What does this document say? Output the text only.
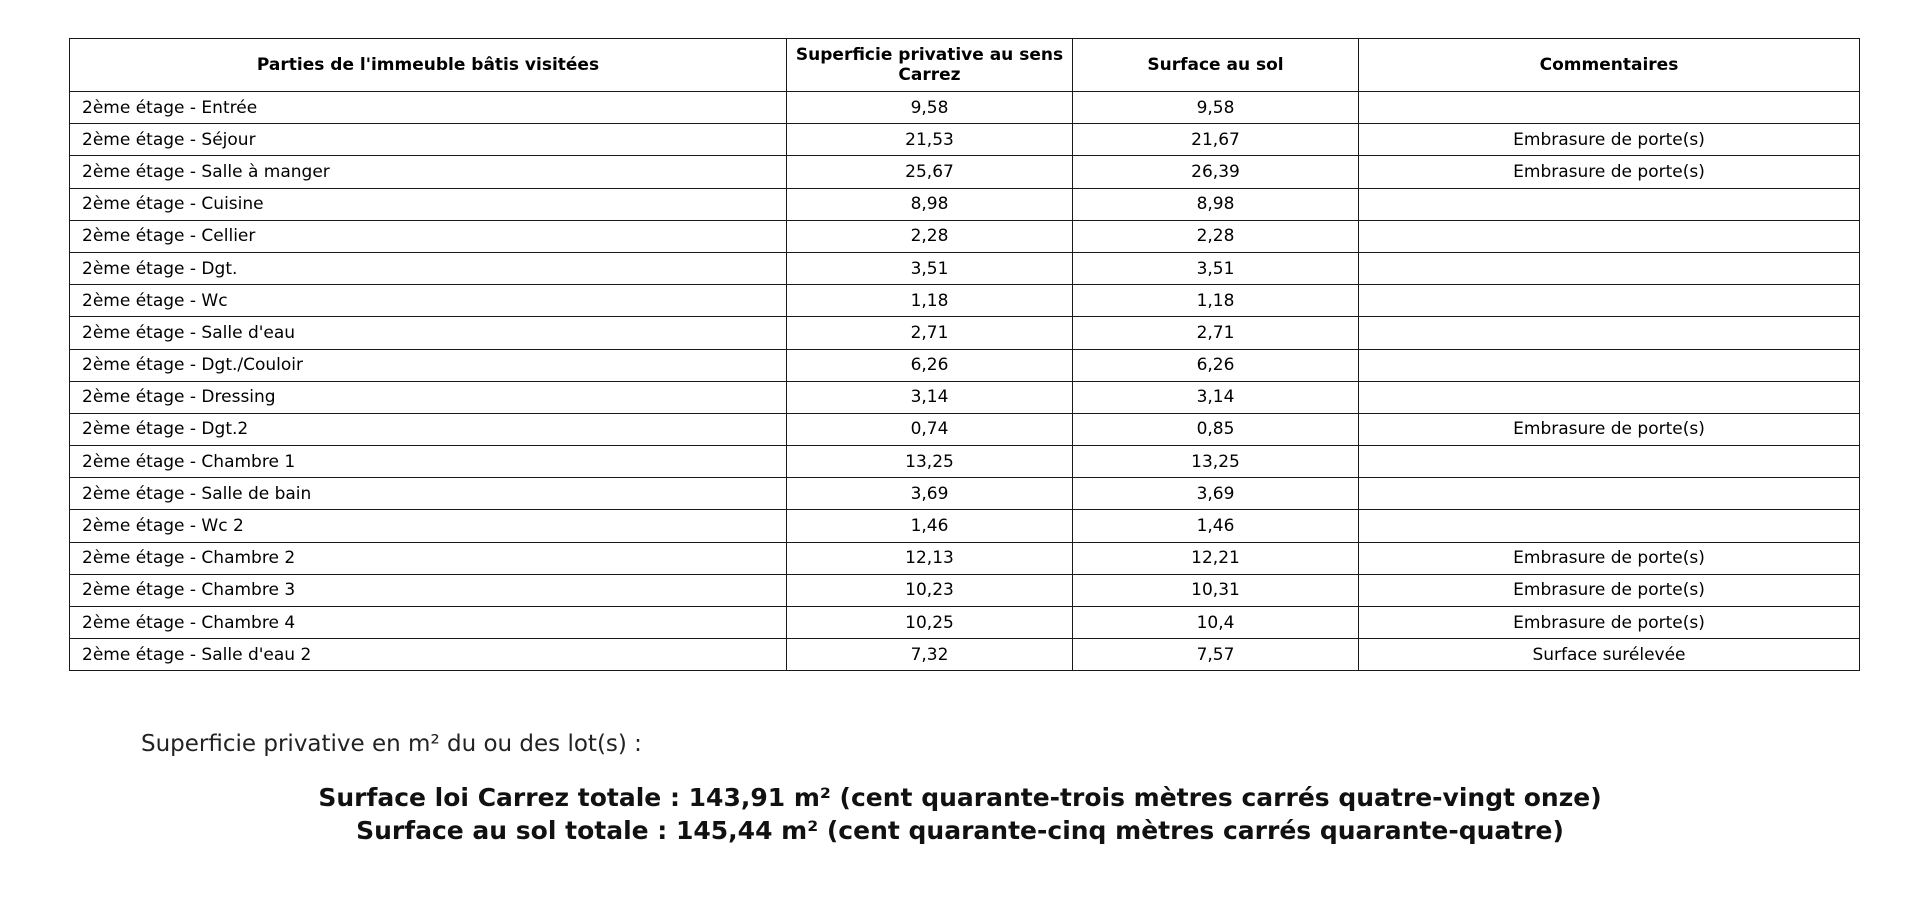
Parties de l'immeuble bâtis visitées	Superficie privative au sens Carrez	Surface au sol	Commentaires
2ème étage - Entrée	9,58	9,58	
2ème étage - Séjour	21,53	21,67	Embrasure de porte(s)
2ème étage - Salle à manger	25,67	26,39	Embrasure de porte(s)
2ème étage - Cuisine	8,98	8,98	
2ème étage - Cellier	2,28	2,28	
2ème étage - Dgt.	3,51	3,51	
2ème étage - Wc	1,18	1,18	
2ème étage - Salle d'eau	2,71	2,71	
2ème étage - Dgt./Couloir	6,26	6,26	
2ème étage - Dressing	3,14	3,14	
2ème étage - Dgt.2	0,74	0,85	Embrasure de porte(s)
2ème étage - Chambre 1	13,25	13,25	
2ème étage - Salle de bain	3,69	3,69	
2ème étage - Wc 2	1,46	1,46	
2ème étage - Chambre 2	12,13	12,21	Embrasure de porte(s)
2ème étage - Chambre 3	10,23	10,31	Embrasure de porte(s)
2ème étage - Chambre 4	10,25	10,4	Embrasure de porte(s)
2ème étage - Salle d'eau 2	7,32	7,57	Surface surélevée
Superficie privative en m² du ou des lot(s) :
Surface loi Carrez totale : 143,91 m² (cent quarante-trois mètres carrés quatre-vingt onze)
Surface au sol totale : 145,44 m² (cent quarante-cinq mètres carrés quarante-quatre)
